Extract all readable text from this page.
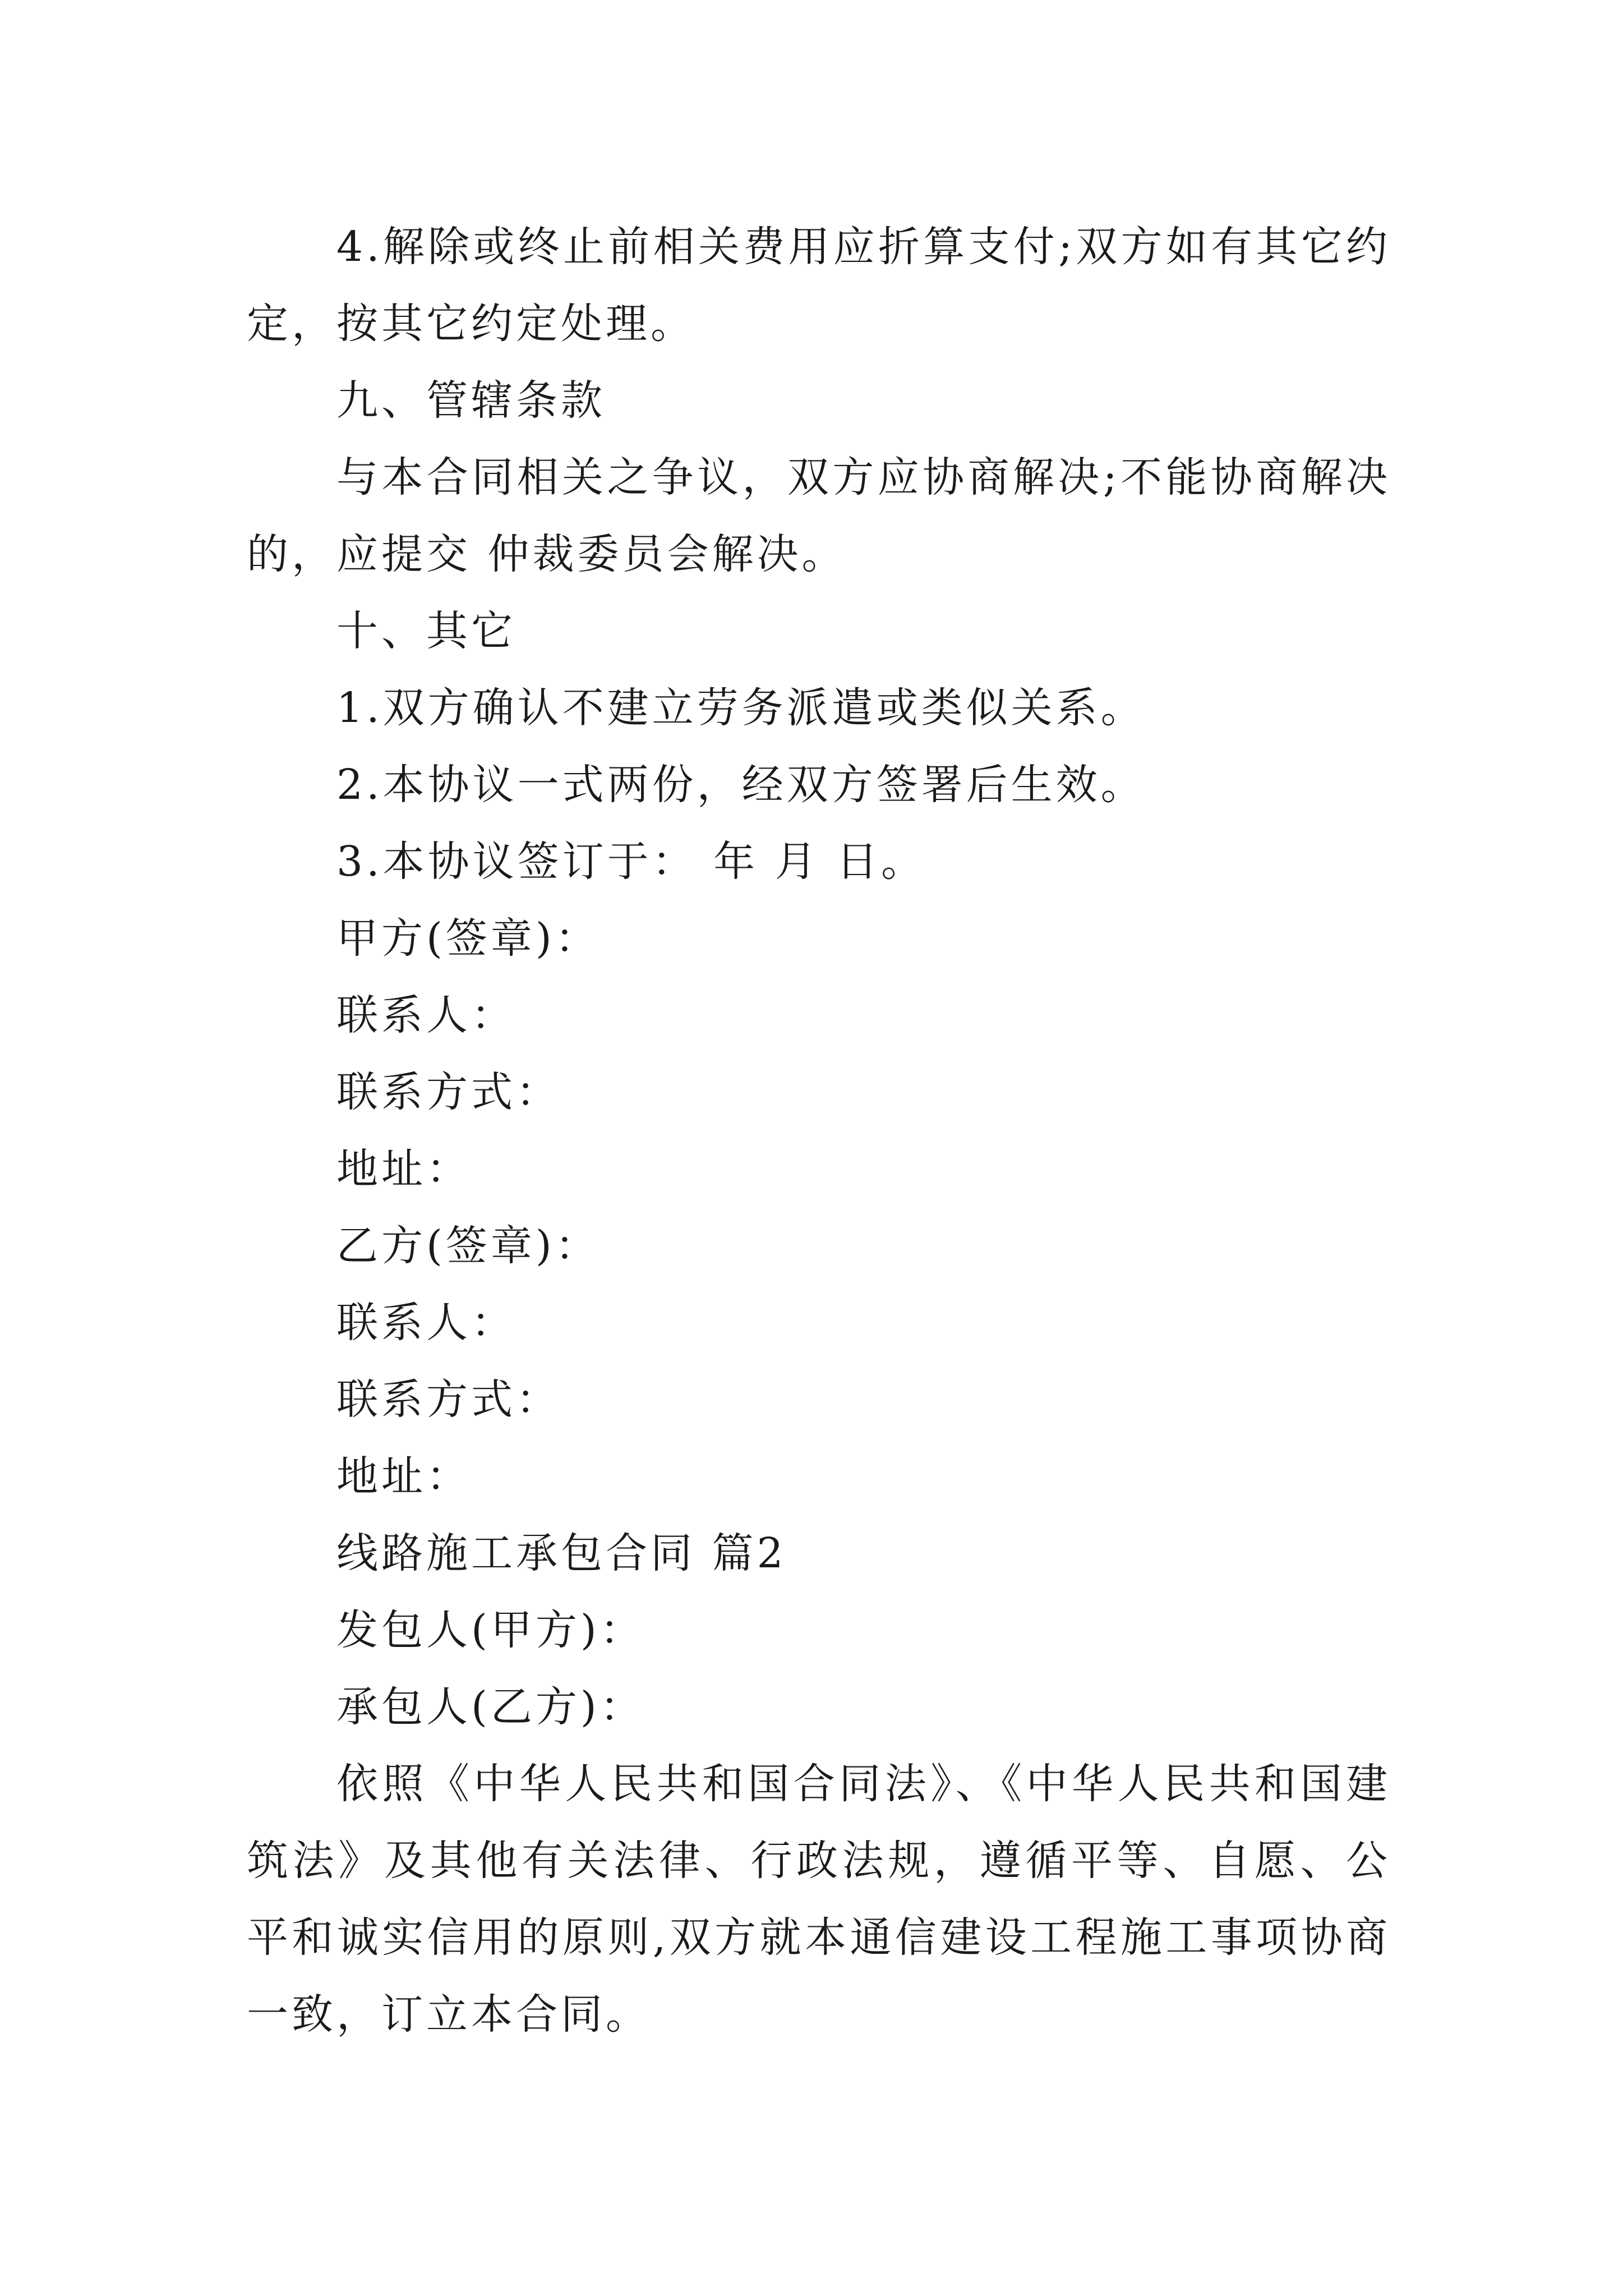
4.解除或终止前相关费用应折算支付;双方如有其它约定，按其它约定处理。

九、管辖条款

与本合同相关之争议，双方应协商解决;不能协商解决的，应提交 仲裁委员会解决。

十、其它

1.双方确认不建立劳务派遣或类似关系。

2.本协议一式两份，经双方签署后生效。

3.本协议签订于： 年 月 日。

甲方(签章)：

联系人：

联系方式：

地址：

乙方(签章)：

联系人：

联系方式：

地址：

线路施工承包合同 篇2

发包人(甲方)：

承包人(乙方)：

依照《中华人民共和国合同法》、《中华人民共和国建筑法》及其他有关法律、行政法规，遵循平等、自愿、公平和诚实信用的原则,双方就本通信建设工程施工事项协商一致，订立本合同。
